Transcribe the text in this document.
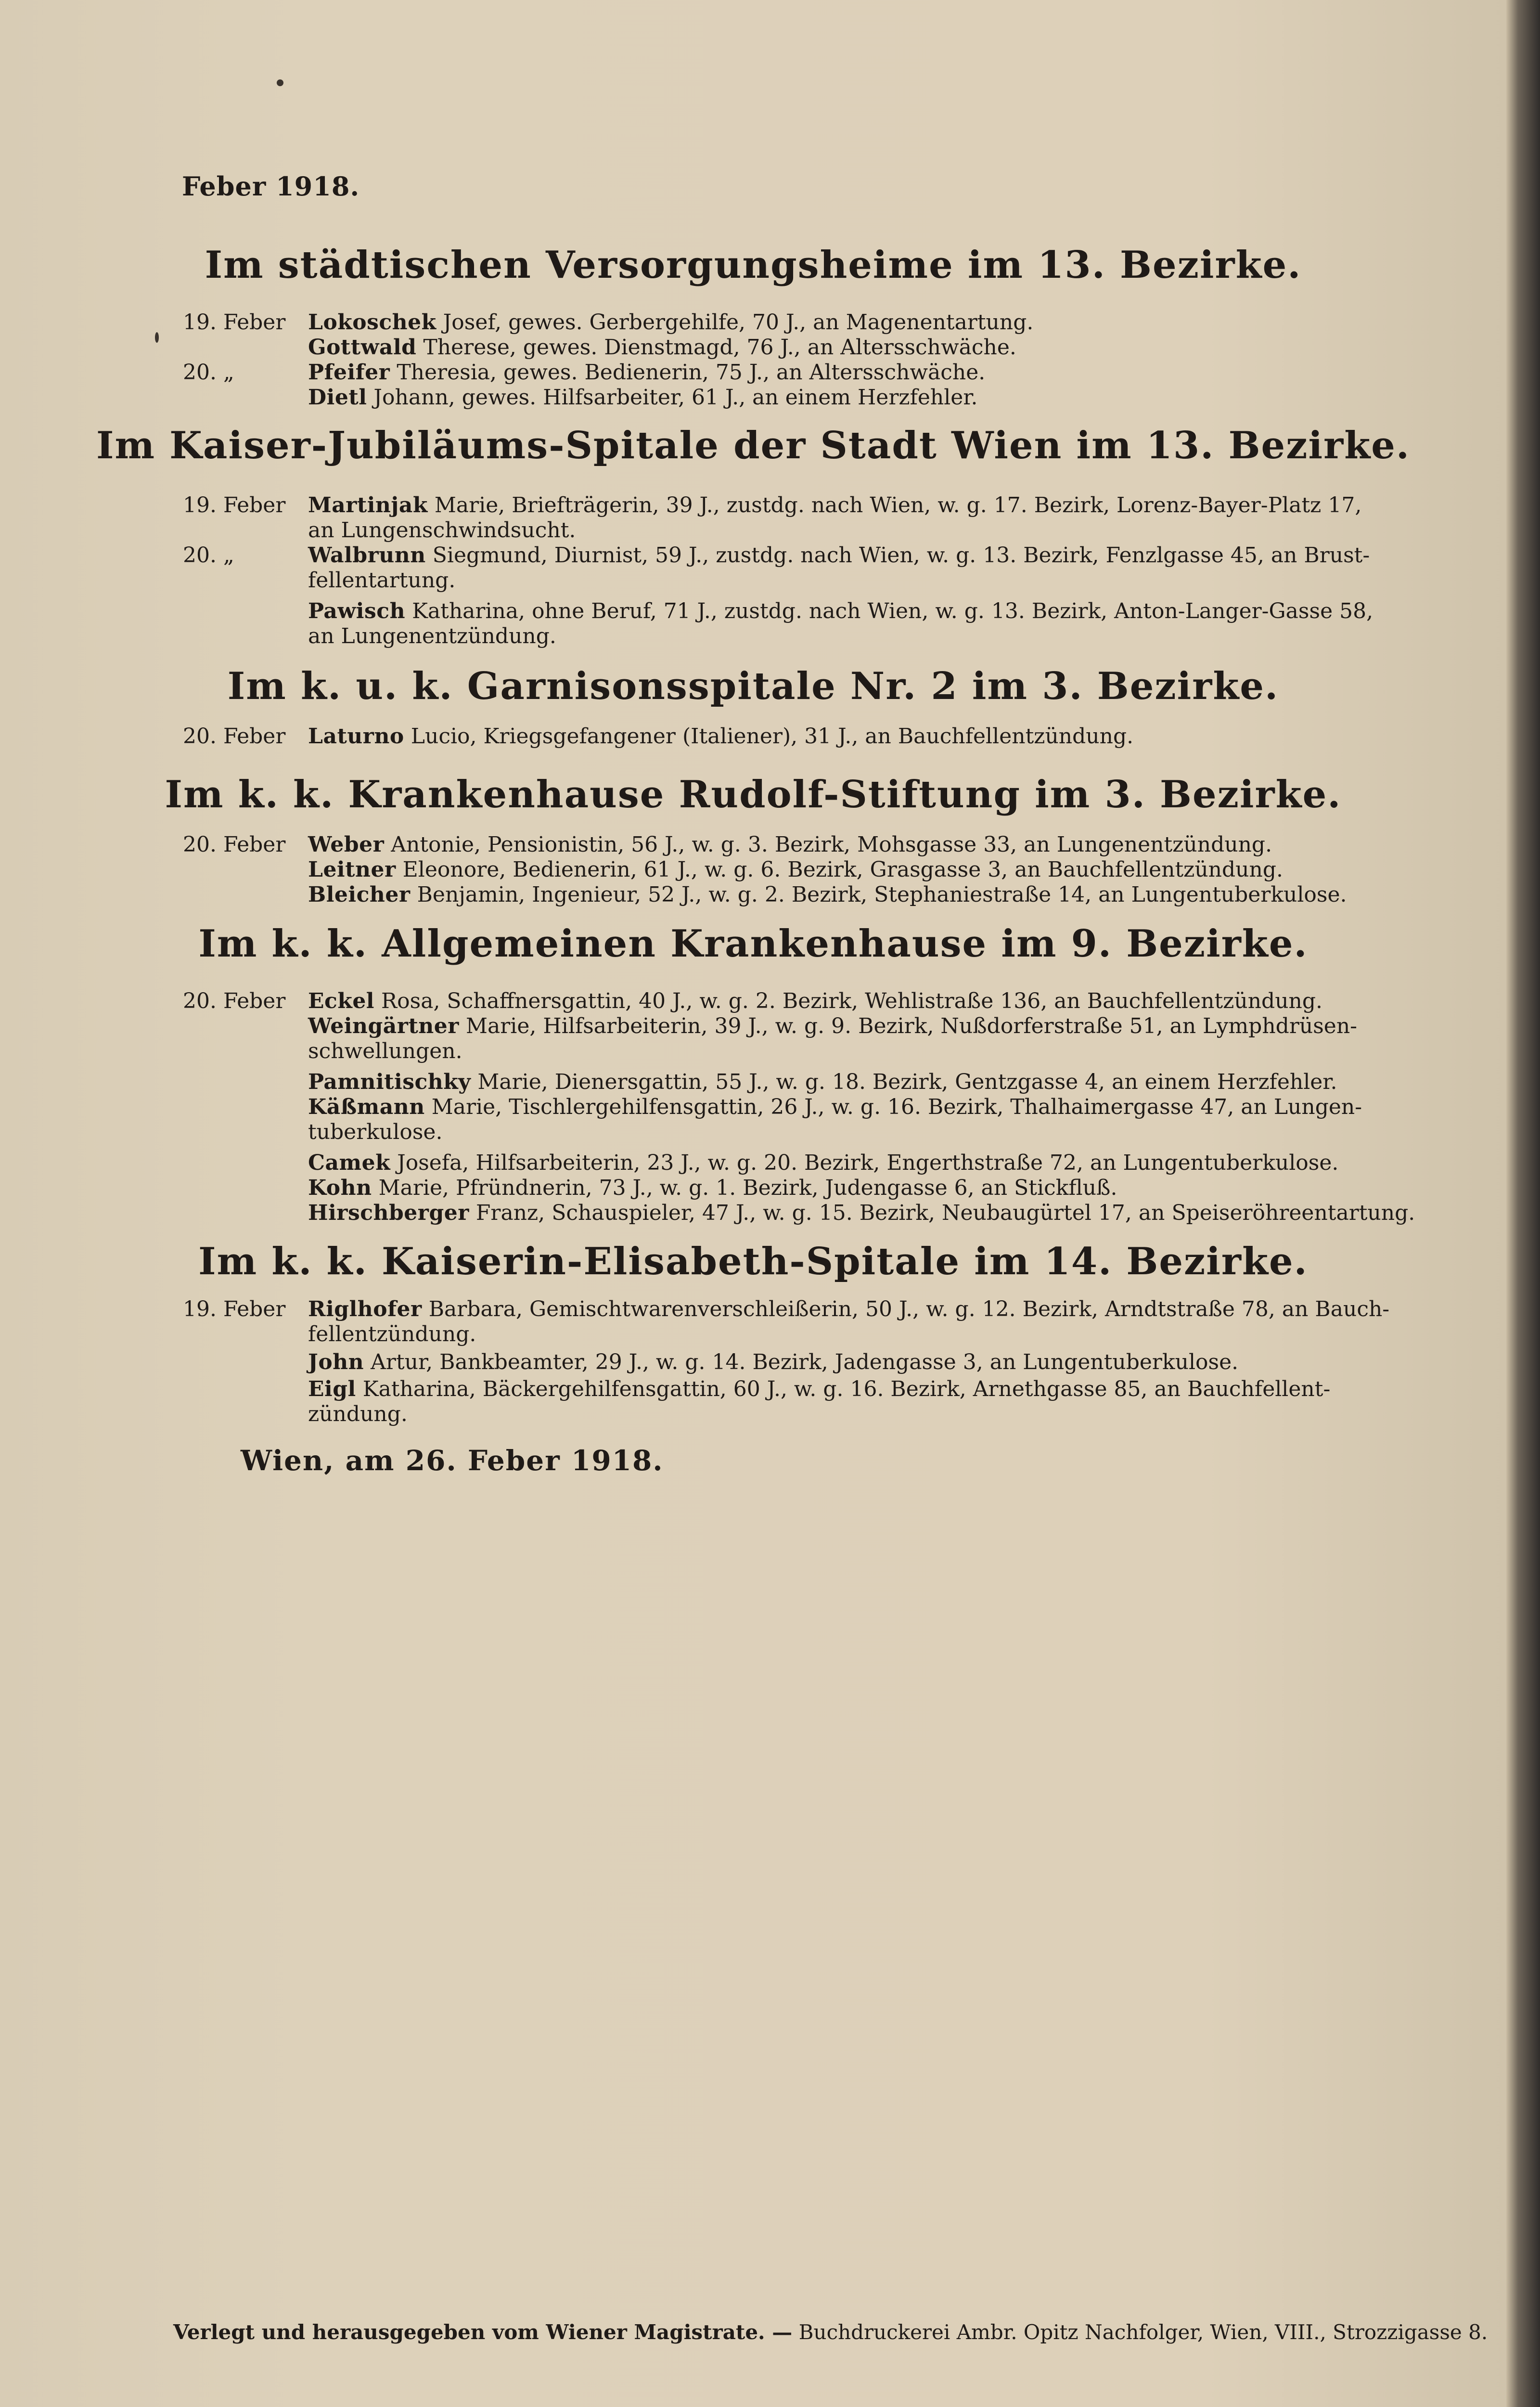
Feber 1918.
Im städtischen Versorgungsheime im 13. Bezirke.
19. Feber Lokoschek Josef, gewes. Gerbergehilfe, 70 J., an Magenentartung.
Gottwald Therese, gewes. Dienstmagd, 76 J., an Altersschwäche.
20. „	Pfeifer Theresia, gewes. Bedienerin, 75 J., an Altersschwäche.
Dietl Johann, gewes. Hilfsarbeiter, 61 J., an einem Herzfehler.
Im Kaiser-Jubiläums-Spitale der Stadt Wien im 13. Bezirke.
19. Feber Martinjak Marie, Briefträgerin, 39 J., zustdg. nach Wien, w. g. 17. Bezirk, Lorenz-Bayer-Platz 17,
an Lungenschwindsucht.
20. „	Walbrunn Siegmund, Diurnist, 59 J., zustdg. nach Wien, w. g. 13. Bezirk, Fenzlgasse 45, an Brust-
fellentartung.
Pawisch Katharina, ohne Beruf, 71 J., zustdg. nach Wien, w. g. 13. Bezirk, Anton-Langer-Gasse 58,
an Lungenentzündung.
Im k. u. k. Garnisonsspitale Nr. 2 im 3. Bezirke.
20. Feber Laturno Lucio, Kriegsgefangener (Italiener), 31 J., an Bauchfellentzündung.
Im k. k. Krankenhause Rudolf-Stiftung im 3. Bezirke.
20. Feber Weber Antonie, Pensionistin, 56 J., w. g. 3. Bezirk, Mohsgasse 33, an Lungenentzündung.
Leitner Eleonore, Bedienerin, 61 J., w. g. 6. Bezirk, Grasgasse 3, an Bauchfellentzündung.
Bleicher Benjamin, Ingenieur, 52 J., w. g. 2. Bezirk, Stephaniestraße 14, an Lungentuberkulose.
Im k. k. Allgemeinen Krankenhause im 9. Bezirke.
20. Feber Eckel Rosa, Schaffnersgattin, 40 J., w. g. 2. Bezirk, Wehlistraße 136, an Bauchfellentzündung.
Weingärtner Marie, Hilfsarbeiterin, 39 J., w. g. 9. Bezirk, Nußdorferstraße 51, an Lymphdrüsen-
schwellungen.
Pamnitischky Marie, Dienersgattin, 55 J., w. g. 18. Bezirk, Gentzgasse 4, an einem Herzfehler.
Käßmann Marie, Tischlergehilfensgattin, 26 J., w. g. 16. Bezirk, Thalhaimergasse 47, an Lungen-
tuberkulose.
Camek Josefa, Hilfsarbeiterin, 23 J., w. g. 20. Bezirk, Engerthstraße 72, an Lungentuberkulose.
Kohn Marie, Pfründnerin, 73 J., w. g. 1. Bezirk, Judengasse 6, an Stickfluß.
Hirschberger Franz, Schauspieler, 47 J., w. g. 15. Bezirk, Neubaugürtel 17, an Speiseröhreentartung.
Im k. k. Kaiserin-Elisabeth-Spitale im 14. Bezirke.
19. Feber Riglhofer Barbara, Gemischtwarenverschleißerin, 50 J., w. g. 12. Bezirk, Arndtstraße 78, an Bauch-
fellentzündung.
John Artur, Bankbeamter, 29 J., w. g. 14. Bezirk, Jadengasse 3, an Lungentuberkulose.
Eigl Katharina, Bäckergehilfensgattin, 60 J., w. g. 16. Bezirk, Arnethgasse 85, an Bauchfellent-
zündung.
Wien, am 26. Feber 1918.
Verlegt und herausgegeben vom Wiener Magistrate. — Buchdruckerei Ambr. Opitz Nachfolger, Wien, VIII., Strozzigasse 8.
